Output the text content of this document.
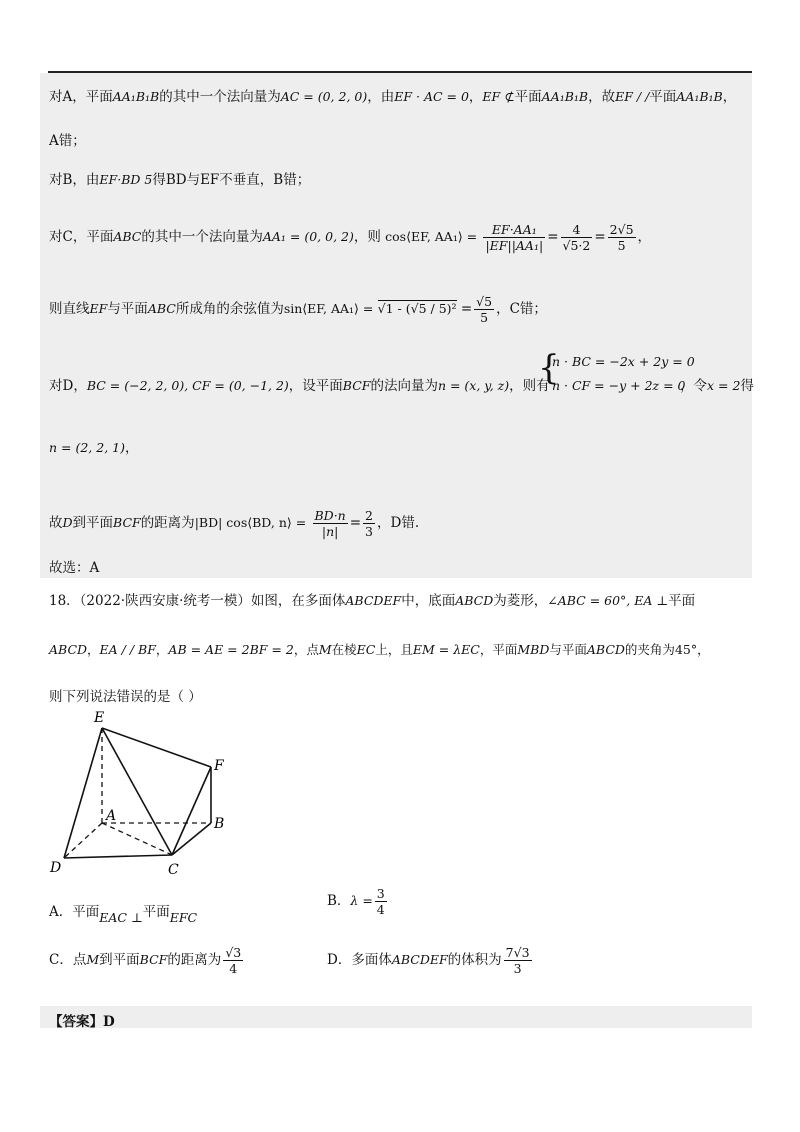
对A，平面AA₁B₁B的其中一个法向量为AC = (0, 2, 0)，由EF · AC = 0，EF ⊄平面AA₁B₁B，故EF / /平面AA₁B₁B，
A错；
对B，由EF·BD 5得BD与EF不垂直，B错；
对C，平面ABC的其中一个法向量为AA₁ = (0, 0, 2)，则 cos⟨EF, AA₁⟩ = $\frac{\text{EF·AA₁}}{\text{|EF||AA₁|}} = \frac{4}{√5\cdot 2} = \frac{2√5}{5}$ ，
则直线EF与平面ABC所成角的余弦值为sin⟨EF, AA₁⟩ = $√1 - (√5 / 5)^2 = \frac{√5}{5}$ ，C错；
对D，BC = (−2, 2, 0), CF = (0, −1, 2)，设平面BCF的法向量为n = (x, y, z)，则有
{
n · BC = −2x + 2y = 0
n · CF = −y + 2z = 0
，令x = 2得
n = (2, 2, 1)，
故D到平面BCF的距离为|BD| cos⟨BD, n⟩ = $\frac{BD\cdot n}{|n|} = \frac{2}{3}$ ，D错.
故选：A
18．（2022·陕西安康·统考一模）如图，在多面体ABCDEF中，底面ABCD为菱形，∠ABC = 60°, EA ⊥平面
ABCD，EA / / BF，AB = AE = 2BF = 2，点M在棱EC上，且EM = λEC，平面MBD与平面ABCD的夹角为45°，
则下列说法错误的是（ ）
E
F
A	B
C
D
A．平面EAC ⊥平面EFC
B．$\lambda = \frac{3}{4}$
C．点M到平面BCF的距离为 $\frac{√3}{4}$	D．多面体ABCDEF的体积为 $\frac{7√3}{3}$
【答案】D
